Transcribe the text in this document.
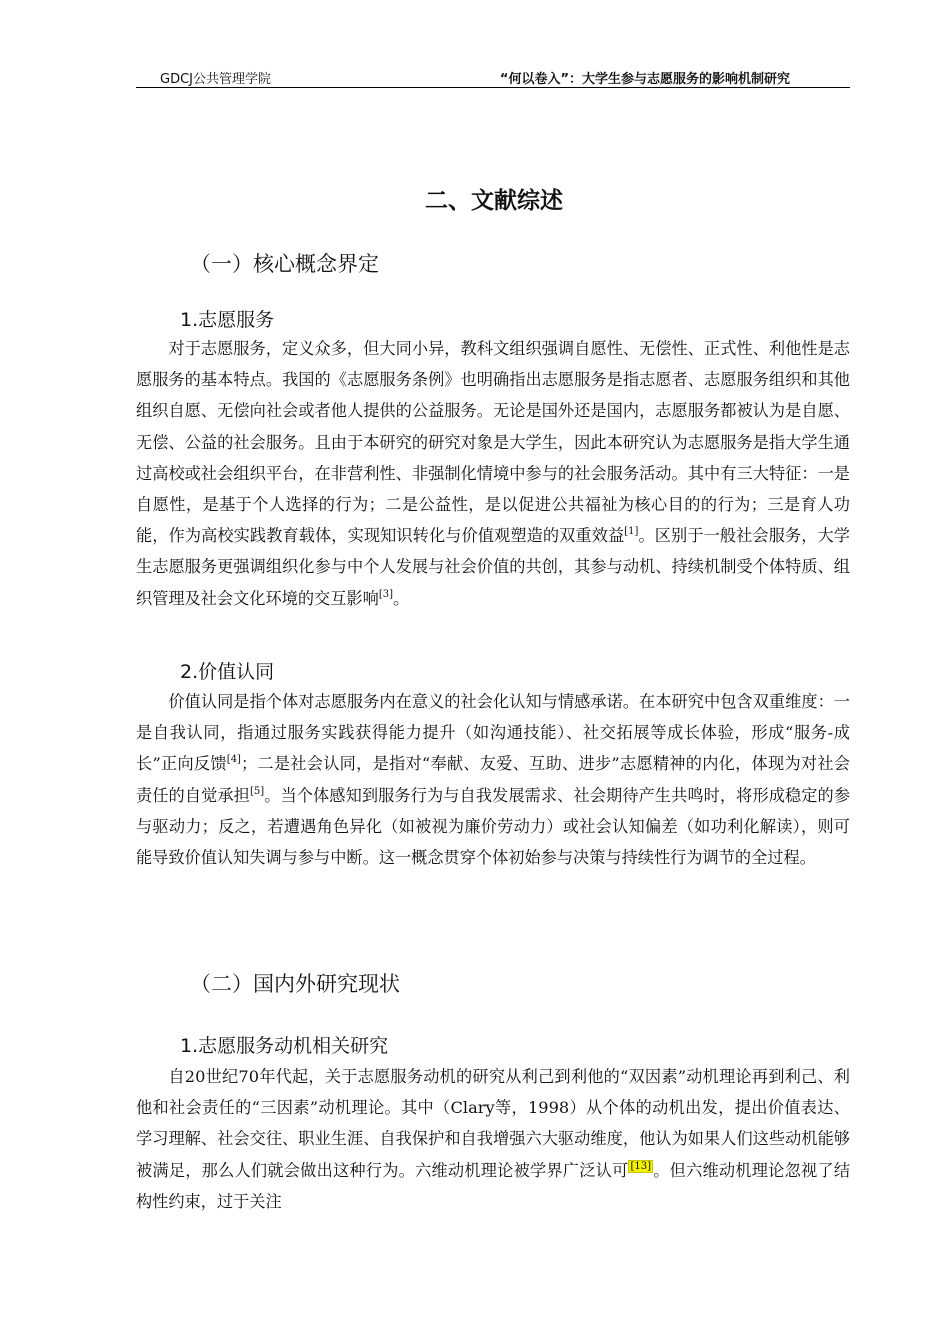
GDCJ公共管理学院	“何以卷入”：大学生参与志愿服务的影响机制研究
二、文献综述
（一）核心概念界定
1.志愿服务
对于志愿服务，定义众多，但大同小异，教科文组织强调自愿性、无偿性、正式性、利他性是志愿服务的基本特点。我国的《志愿服务条例》也明确指出志愿服务是指志愿者、志愿服务组织和其他组织自愿、无偿向社会或者他人提供的公益服务。无论是国外还是国内，志愿服务都被认为是自愿、无偿、公益的社会服务。且由于本研究的研究对象是大学生，因此本研究认为志愿服务是指大学生通过高校或社会组织平台，在非营利性、非强制化情境中参与的社会服务活动。其中有三大特征：一是自愿性，是基于个人选择的行为；二是公益性，是以促进公共福祉为核心目的的行为；三是育人功能，作为高校实践教育载体，实现知识转化与价值观塑造的双重效益[1]。区别于一般社会服务，大学生志愿服务更强调组织化参与中个人发展与社会价值的共创，其参与动机、持续机制受个体特质、组织管理及社会文化环境的交互影响[3]。
2.价值认同
价值认同是指个体对志愿服务内在意义的社会化认知与情感承诺。在本研究中包含双重维度：一是自我认同，指通过服务实践获得能力提升（如沟通技能）、社交拓展等成长体验，形成“服务-成长”正向反馈[4]；二是社会认同，是指对“奉献、友爱、互助、进步”志愿精神的内化，体现为对社会责任的自觉承担[5]。当个体感知到服务行为与自我发展需求、社会期待产生共鸣时，将形成稳定的参与驱动力；反之，若遭遇角色异化（如被视为廉价劳动力）或社会认知偏差（如功利化解读），则可能导致价值认知失调与参与中断。这一概念贯穿个体初始参与决策与持续性行为调节的全过程。
（二）国内外研究现状
1.志愿服务动机相关研究
自20世纪70年代起，关于志愿服务动机的研究从利己到利他的“双因素”动机理论再到利己、利他和社会责任的“三因素”动机理论。其中（Clary等，1998）从个体的动机出发，提出价值表达、学习理解、社会交往、职业生涯、自我保护和自我增强六大驱动维度，他认为如果人们这些动机能够被满足，那么人们就会做出这种行为。六维动机理论被学界广泛认可 [13] 。但六维动机理论忽视了结构性约束，过于关注
